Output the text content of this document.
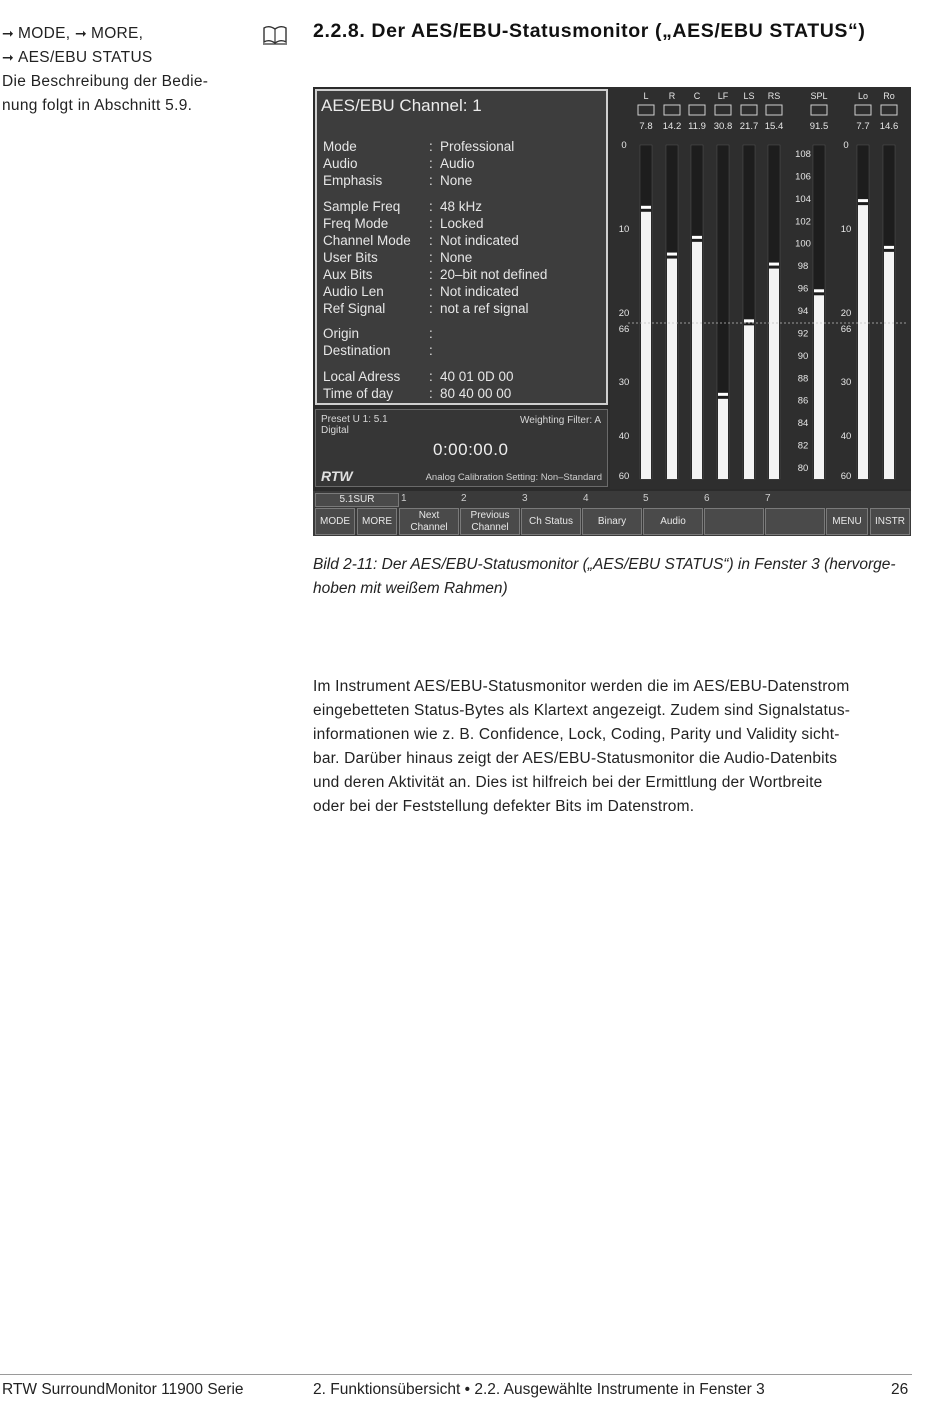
➞ MODE, ➞ MORE,
➞ AES/EBU STATUS
Die Beschreibung der Bedie-
nung folgt in Abschnitt 5.9.
2.2.8. Der AES/EBU-Statusmonitor („AES/EBU STATUS“)
AES/EBU Channel: 1
Mode	: Professional
Audio	: Audio
Emphasis	: None
Sample Freq : 48 kHz
Freq Mode	: Locked
Channel Mode : Not indicated
User Bits	: None
Aux Bits	: 20–bit not defined
Audio Len	: Not indicated
Ref Signal	: not a ref signal
Origin	:
Destination	:
Local Adress : 40 01 0D 00
Time of day	: 80 40 00 00
Preset U 1: 5.1
Digital
Weighting Filter: A
0:00:00.0
RTW	Analog Calibration Setting: Non–Standard
0
10
20
66
30
40
60
L
7.8
R
14.2
C
11.9
LF
30.8
LS
21.7
RS
15.4
108
106
104
102
100
98
96
94
92
90
88
86
84
82
80
SPL
91.5
0
10
20
66
30
40
60
Lo
7.7
Ro
14.6
5.1SUR	1	2	3	4	5	6	7
MODE	MORE
Next
Channel
Previous
Channel
Ch Status	Binary	Audio	MENU	INSTR

Bild 2-11: Der AES/EBU-Statusmonitor („AES/EBU STATUS“) in Fenster 3 (hervorge-
hoben mit weißem Rahmen)

Im Instrument AES/EBU-Statusmonitor werden die im AES/EBU-Datenstrom
eingebetteten Status-Bytes als Klartext angezeigt. Zudem sind Signalstatus-
informationen wie z. B. Confidence, Lock, Coding, Parity und Validity sicht-
bar. Darüber hinaus zeigt der AES/EBU-Statusmonitor die Audio-Datenbits
und deren Aktivität an. Dies ist hilfreich bei der Ermittlung der Wortbreite
oder bei der Feststellung defekter Bits im Datenstrom.

RTW SurroundMonitor 11900 Serie	2. Funktionsübersicht • 2.2. Ausgewählte Instrumente in Fenster 3	26
